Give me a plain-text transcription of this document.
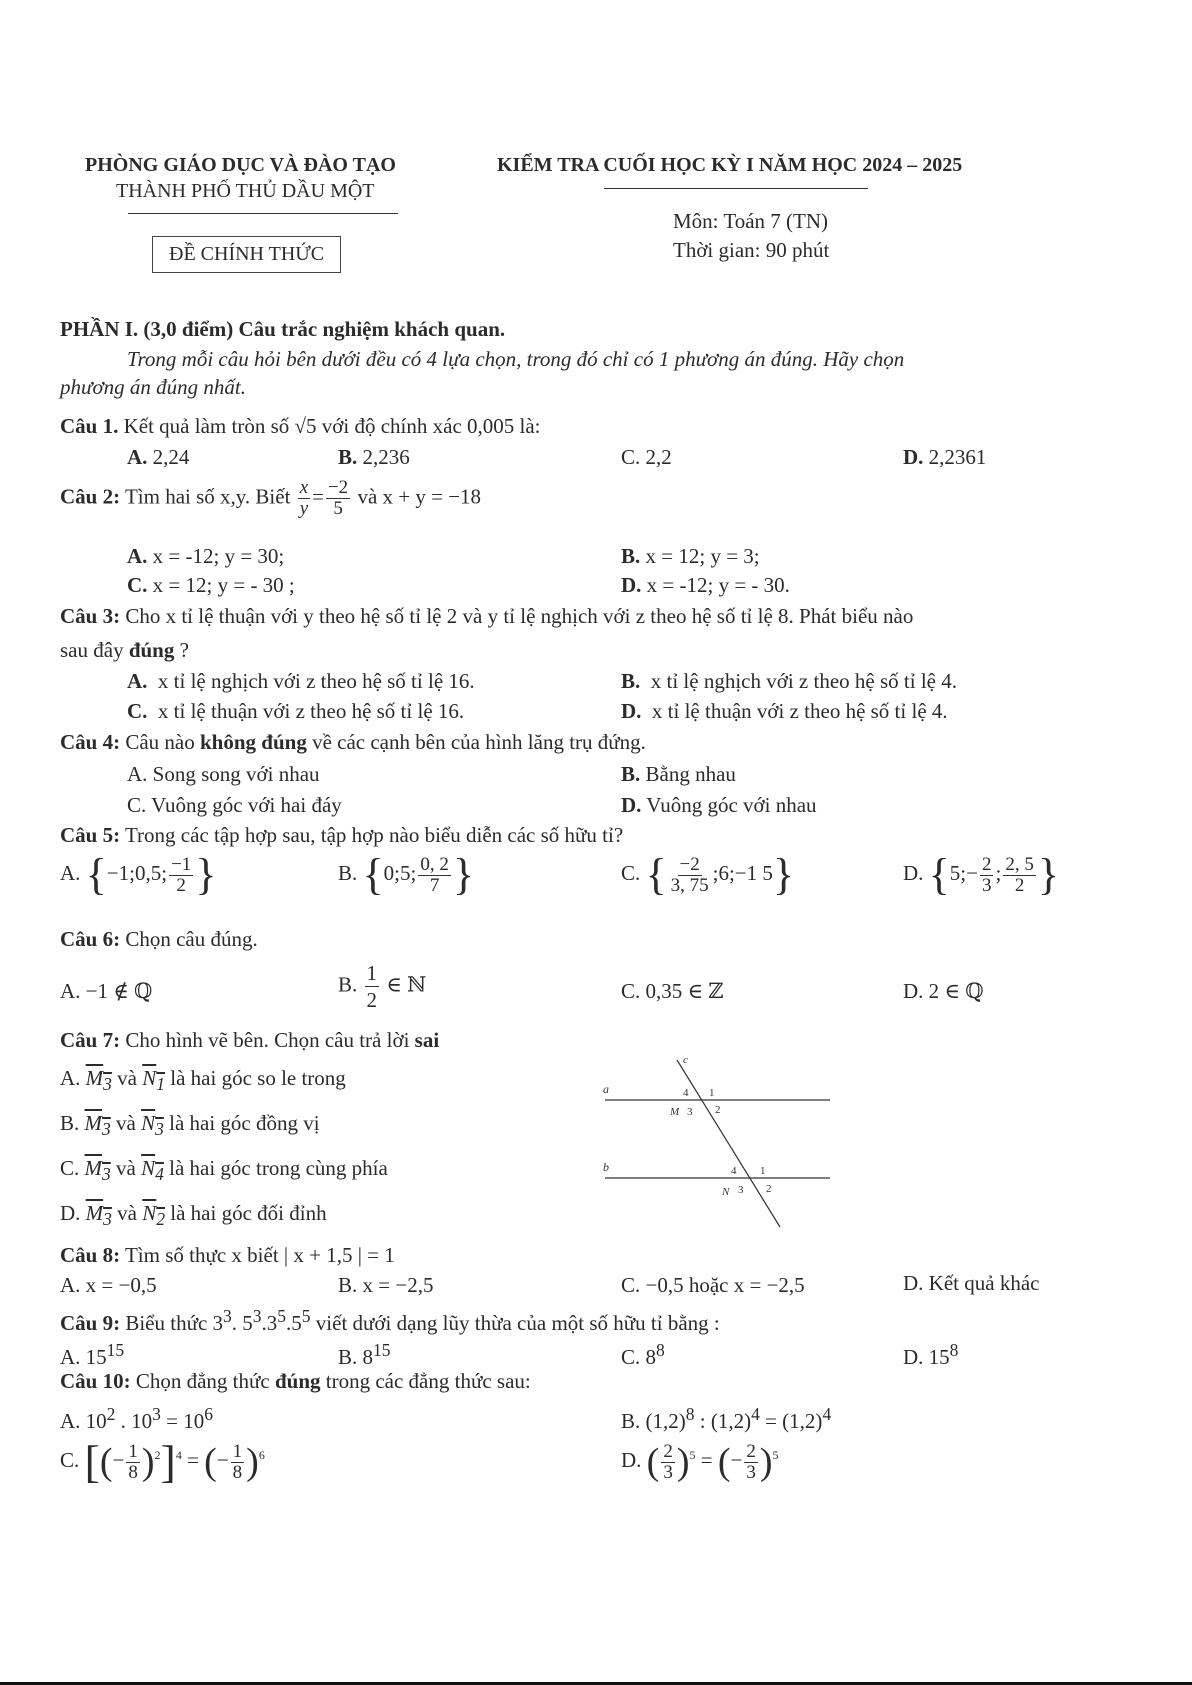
PHÒNG GIÁO DỤC VÀ ĐÀO TẠO
THÀNH PHỐ THỦ DẦU MỘT
ĐỀ CHÍNH THỨC
KIỂM TRA CUỐI HỌC KỲ I NĂM HỌC 2024 – 2025
Môn: Toán 7 (TN)
Thời gian: 90 phút
PHẦN I. (3,0 điểm) Câu trắc nghiệm khách quan.
Trong mỗi câu hỏi bên dưới đều có 4 lựa chọn, trong đó chỉ có 1 phương án đúng. Hãy chọn
phương án đúng nhất.
Câu 1. Kết quả làm tròn số √5 với độ chính xác 0,005 là:
A. 2,24	B. 2,236	C. 2,2	D. 2,2361
Câu 2: Tìm hai số x,y. Biết $\frac{x}{y} = \frac{-2}{5}$ và x + y = −18
A. x = -12; y = 30;	B. x = 12; y = 3;
C. x = 12; y = - 30 ;	D. x = -12; y = - 30.
Câu 3: Cho x tỉ lệ thuận với y theo hệ số tỉ lệ 2 và y tỉ lệ nghịch với z theo hệ số tỉ lệ 8. Phát biểu nào
sau đây đúng ?
A. x tỉ lệ nghịch với z theo hệ số tỉ lệ 16.	B. x tỉ lệ nghịch với z theo hệ số tỉ lệ 4.
C. x tỉ lệ thuận với z theo hệ số tỉ lệ 16.	D. x tỉ lệ thuận với z theo hệ số tỉ lệ 4.
Câu 4: Câu nào không đúng về các cạnh bên của hình lăng trụ đứng.
A. Song song với nhau	B. Bằng nhau
C. Vuông góc với hai đáy	D. Vuông góc với nhau
Câu 5: Trong các tập hợp sau, tập hợp nào biểu diễn các số hữu tỉ?
A. {−1;0,5; $\frac{-1}{2}$ }	B. {0;5; $\frac{0, 2}{7}$ }	C. { $\frac{-2}{3, 75}$ ;6;−1 5}	D. {5;− $\frac{2}{3}$ ; $\frac{2, 5}{2}$ }
Câu 6: Chọn câu đúng.
A. −1 ∉ ℚ	B. $\frac{1}{2}$ ∈ ℕ	C. 0,35 ∈ ℤ	D. 2 ∈ ℚ
Câu 7: Cho hình vẽ bên. Chọn câu trả lời sai
A. $M_3$ và $N_1$ là hai góc so le trong
B. $M_3$ và $N_3$ là hai góc đồng vị
C. $M_3$ và $N_4$ là hai góc trong cùng phía
D. $M_3$ và $N_2$ là hai góc đối đỉnh
a
b
c
M
4 1
3 2
N
4 1
3 2
Câu 8: Tìm số thực x biết | x + 1,5 | = 1
A. x = −0,5	B. x = −2,5	C. −0,5 hoặc x = −2,5	D. Kết quả khác
Câu 9: Biểu thức $3^3$. $5^3.3^5.5^5$ viết dưới dạng lũy thừa của một số hữu tỉ bằng :
A. $15^{15}$	B. $8^{15}$	C. $8^8$	D. $15^8$
Câu 10: Chọn đẳng thức đúng trong các đẳng thức sau:
A. $10^2$ . $10^3 = 10^6$	B. $(1,2)^8$ : $(1,2)^4 = (1,2)^4$
C. [(− $\frac{1}{8} )^2]^4$ = (− $\frac{1}{8} )^6$	D. ( $\frac{2}{3} )^5$ = (− $\frac{2}{3} )^5$
